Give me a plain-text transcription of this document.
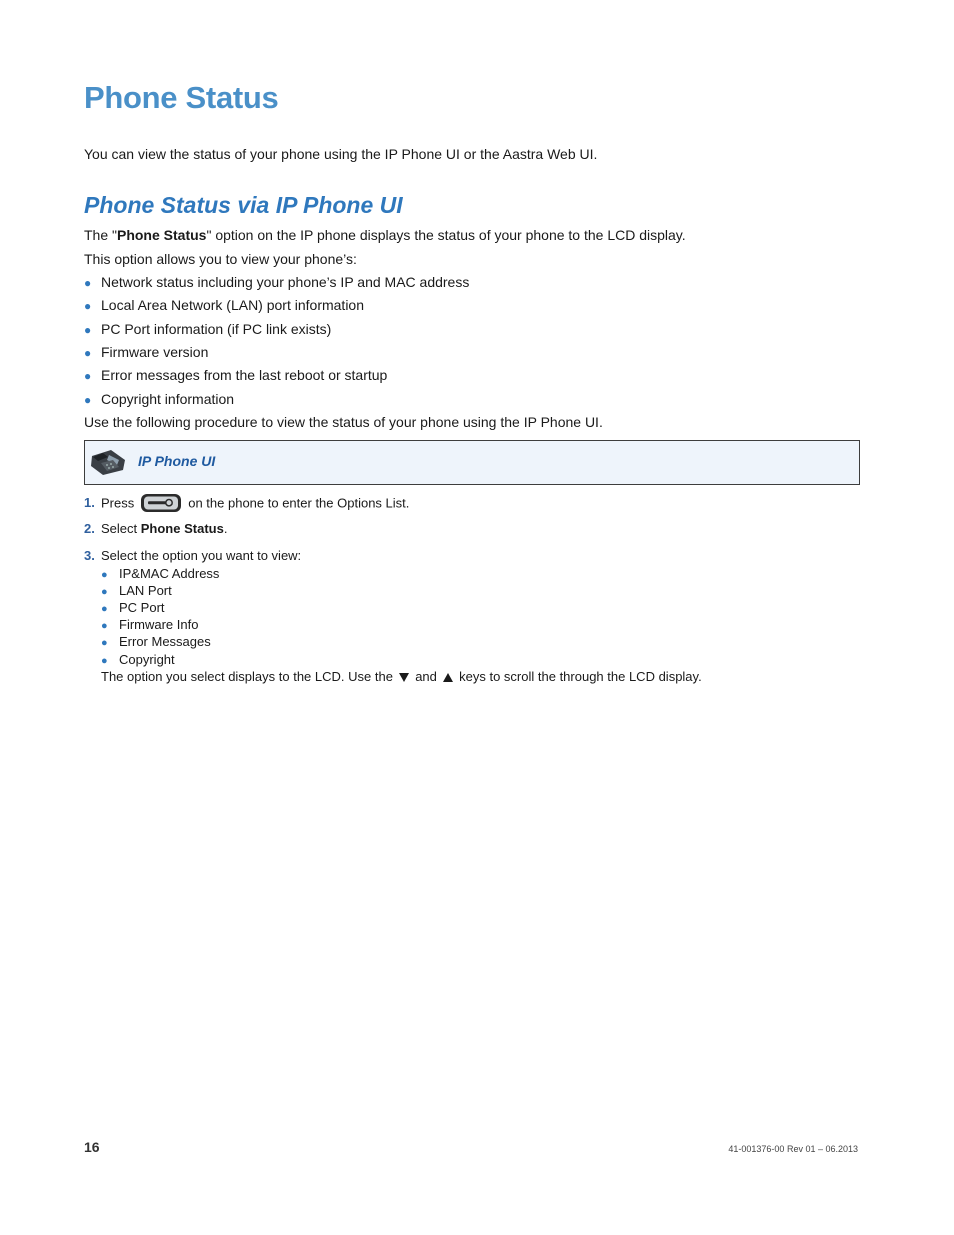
Phone Status
You can view the status of your phone using the IP Phone UI or the Aastra Web UI.
Phone Status via IP Phone UI
The "Phone Status" option on the IP phone displays the status of your phone to the LCD display.
This option allows you to view your phone’s:
● Network status including your phone’s IP and MAC address
● Local Area Network (LAN) port information
● PC Port information (if PC link exists)
● Firmware version
● Error messages from the last reboot or startup
● Copyright information
Use the following procedure to view the status of your phone using the IP Phone UI.
IP Phone UI
1. Press	on the phone to enter the Options List.
2. Select Phone Status.
3. Select the option you want to view:
● IP&MAC Address
● LAN Port
● PC Port
● Firmware Info
● Error Messages
● Copyright
The option you select displays to the LCD. Use the and keys to scroll the through the LCD display.
16	41-001376-00 Rev 01 – 06.2013
